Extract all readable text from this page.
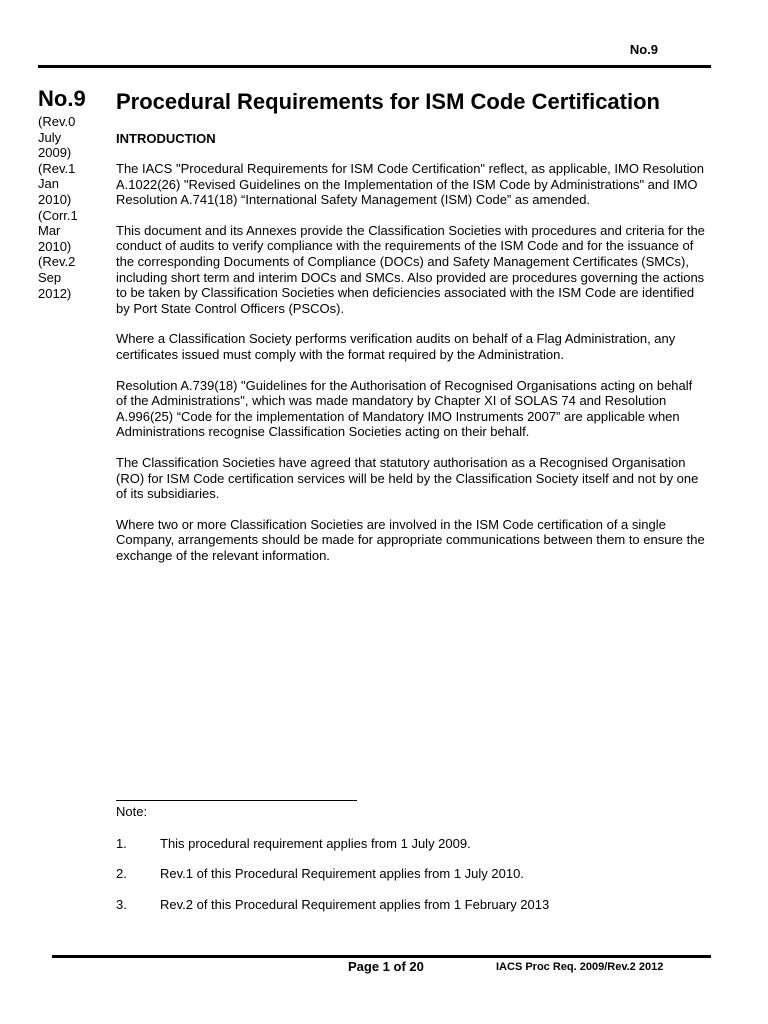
No.9
No.9
(Rev.0
July
2009)
(Rev.1
Jan
2010)
(Corr.1
Mar
2010)
(Rev.2
Sep
2012)
Procedural Requirements for ISM Code Certification
INTRODUCTION

The IACS "Procedural Requirements for ISM Code Certification" reflect, as applicable, IMO Resolution A.1022(26) "Revised Guidelines on the Implementation of the ISM Code by Administrations" and IMO Resolution A.741(18) “International Safety Management (ISM) Code” as amended.

This document and its Annexes provide the Classification Societies with procedures and criteria for the conduct of audits to verify compliance with the requirements of the ISM Code and for the issuance of the corresponding Documents of Compliance (DOCs) and Safety Management Certificates (SMCs), including short term and interim DOCs and SMCs. Also provided are procedures governing the actions to be taken by Classification Societies when deficiencies associated with the ISM Code are identified by Port State Control Officers (PSCOs).

Where a Classification Society performs verification audits on behalf of a Flag Administration, any certificates issued must comply with the format required by the Administration.

Resolution A.739(18) "Guidelines for the Authorisation of Recognised Organisations acting on behalf of the Administrations", which was made mandatory by Chapter XI of SOLAS 74 and Resolution A.996(25) “Code for the implementation of Mandatory IMO Instruments 2007” are applicable when Administrations recognise Classification Societies acting on their behalf.

The Classification Societies have agreed that statutory authorisation as a Recognised Organisation (RO) for ISM Code certification services will be held by the Classification Society itself and not by one of its subsidiaries.

Where two or more Classification Societies are involved in the ISM Code certification of a single Company, arrangements should be made for appropriate communications between them to ensure the exchange of the relevant information.

Note:
1.	This procedural requirement applies from 1 July 2009.
2.	Rev.1 of this Procedural Requirement applies from 1 July 2010.
3.	Rev.2 of this Procedural Requirement applies from 1 February 2013
Page 1 of 20	IACS Proc Req. 2009/Rev.2 2012
